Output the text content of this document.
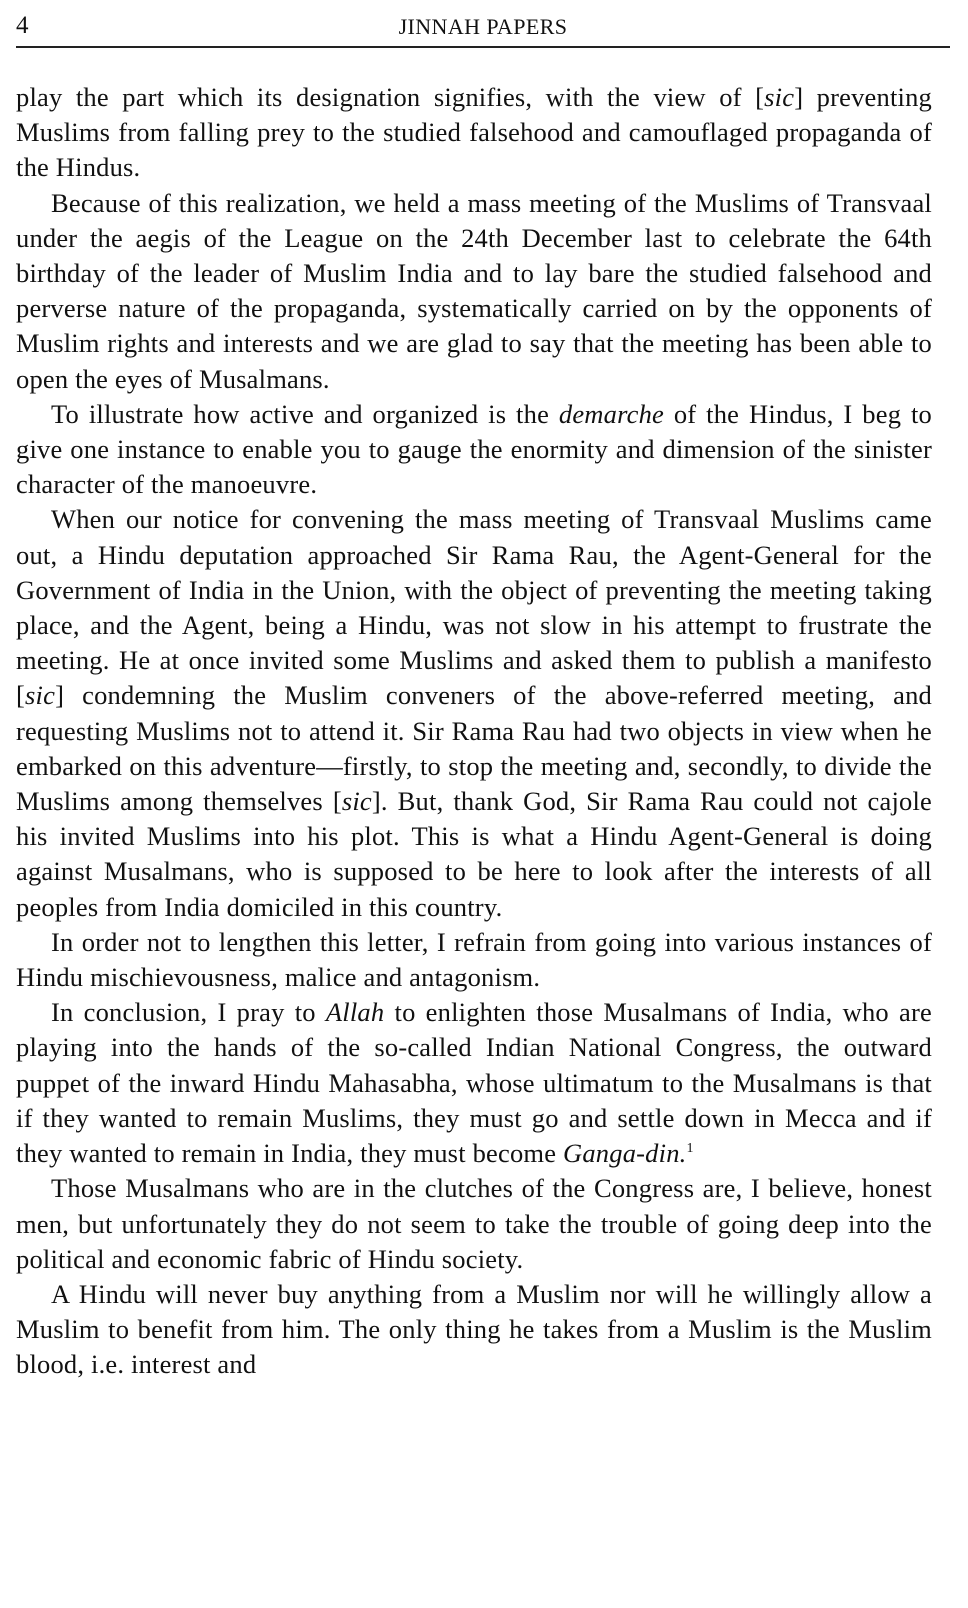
4	JINNAH PAPERS

play the part which its designation signifies, with the view of [sic] preventing Muslims from falling prey to the studied falsehood and camouflaged propaganda of the Hindus.

Because of this realization, we held a mass meeting of the Muslims of Transvaal under the aegis of the League on the 24th December last to celebrate the 64th birthday of the leader of Muslim India and to lay bare the studied falsehood and perverse nature of the propaganda, systematically carried on by the opponents of Muslim rights and interests and we are glad to say that the meeting has been able to open the eyes of Musalmans.

To illustrate how active and organized is the demarche of the Hindus, I beg to give one instance to enable you to gauge the enormity and dimension of the sinister character of the manoeuvre.

When our notice for convening the mass meeting of Transvaal Muslims came out, a Hindu deputation approached Sir Rama Rau, the Agent-General for the Government of India in the Union, with the object of preventing the meeting taking place, and the Agent, being a Hindu, was not slow in his attempt to frustrate the meeting. He at once invited some Muslims and asked them to publish a manifesto [sic] condemning the Muslim conveners of the above-referred meeting, and requesting Muslims not to attend it. Sir Rama Rau had two objects in view when he embarked on this adventure—firstly, to stop the meeting and, secondly, to divide the Muslims among themselves [sic]. But, thank God, Sir Rama Rau could not cajole his invited Muslims into his plot. This is what a Hindu Agent-General is doing against Musalmans, who is supposed to be here to look after the interests of all peoples from India domiciled in this country.

In order not to lengthen this letter, I refrain from going into various instances of Hindu mischievousness, malice and antagonism.

In conclusion, I pray to Allah to enlighten those Musalmans of India, who are playing into the hands of the so-called Indian National Congress, the outward puppet of the inward Hindu Mahasabha, whose ultimatum to the Musalmans is that if they wanted to remain Muslims, they must go and settle down in Mecca and if they wanted to remain in India, they must become Ganga-din.$^1$

Those Musalmans who are in the clutches of the Congress are, I believe, honest men, but unfortunately they do not seem to take the trouble of going deep into the political and economic fabric of Hindu society.

A Hindu will never buy anything from a Muslim nor will he willingly allow a Muslim to benefit from him. The only thing he takes from a Muslim is the Muslim blood, i.e. interest and
